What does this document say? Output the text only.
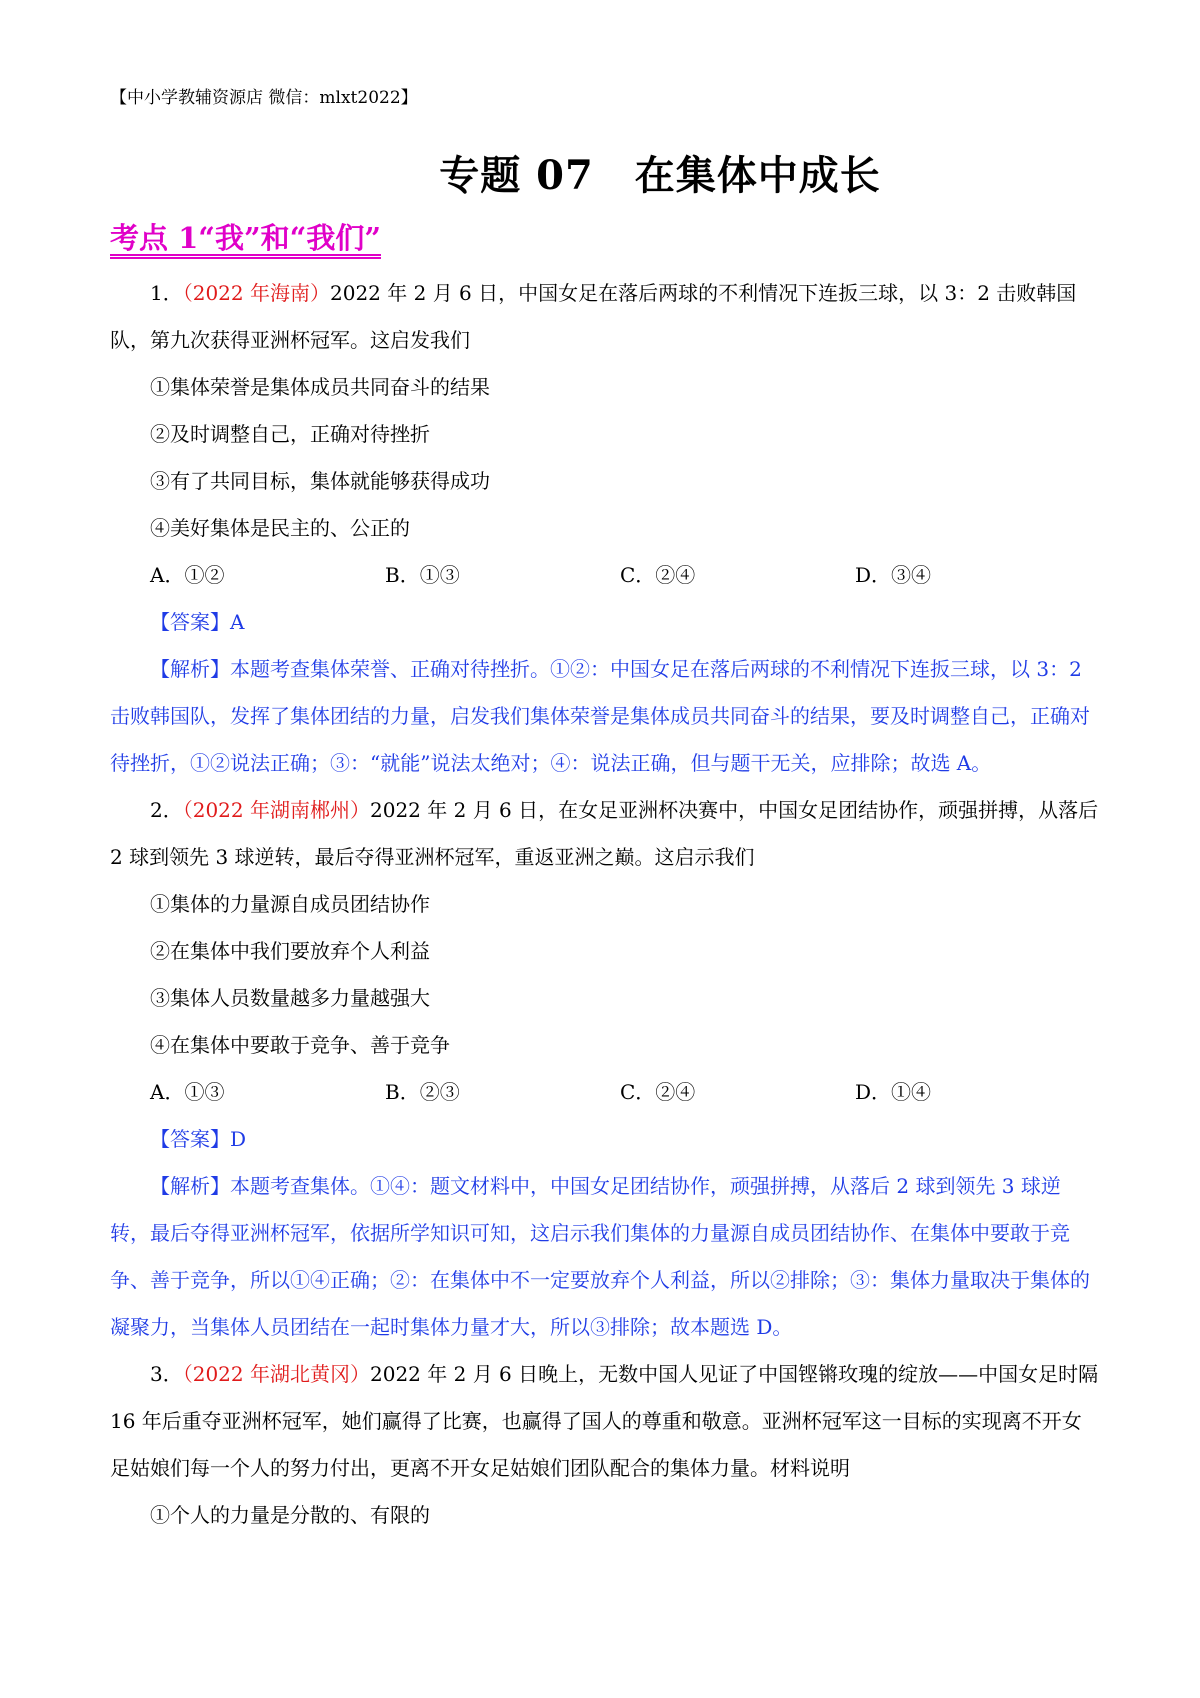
【中小学教辅资源店 微信：mlxt2022】
专题 07　在集体中成长
考点 1“我”和“我们”

1．（2022 年海南）2022 年 2 月 6 日，中国女足在落后两球的不利情况下连扳三球，以 3：2 击败韩国队，第九次获得亚洲杯冠军。这启发我们

①集体荣誉是集体成员共同奋斗的结果

②及时调整自己，正确对待挫折

③有了共同目标，集体就能够获得成功

④美好集体是民主的、公正的

A．①②	B．①③	C．②④	D．③④

【答案】A

【解析】本题考查集体荣誉、正确对待挫折。①②：中国女足在落后两球的不利情况下连扳三球，以 3：2 击败韩国队，发挥了集体团结的力量，启发我们集体荣誉是集体成员共同奋斗的结果，要及时调整自己，正确对待挫折，①②说法正确；③：“就能”说法太绝对；④：说法正确，但与题干无关，应排除；故选 A。

2．（2022 年湖南郴州）2022 年 2 月 6 日，在女足亚洲杯决赛中，中国女足团结协作，顽强拼搏，从落后 2 球到领先 3 球逆转，最后夺得亚洲杯冠军，重返亚洲之巅。这启示我们

①集体的力量源自成员团结协作

②在集体中我们要放弃个人利益

③集体人员数量越多力量越强大

④在集体中要敢于竞争、善于竞争

A．①③	B．②③	C．②④	D．①④

【答案】D

【解析】本题考查集体。①④：题文材料中，中国女足团结协作，顽强拼搏，从落后 2 球到领先 3 球逆转，最后夺得亚洲杯冠军，依据所学知识可知，这启示我们集体的力量源自成员团结协作、在集体中要敢于竞争、善于竞争，所以①④正确；②：在集体中不一定要放弃个人利益，所以②排除；③：集体力量取决于集体的凝聚力，当集体人员团结在一起时集体力量才大，所以③排除；故本题选 D。

3．（2022 年湖北黄冈）2022 年 2 月 6 日晚上，无数中国人见证了中国铿锵玫瑰的绽放——中国女足时隔 16 年后重夺亚洲杯冠军，她们赢得了比赛，也赢得了国人的尊重和敬意。亚洲杯冠军这一目标的实现离不开女足姑娘们每一个人的努力付出，更离不开女足姑娘们团队配合的集体力量。材料说明

①个人的力量是分散的、有限的
